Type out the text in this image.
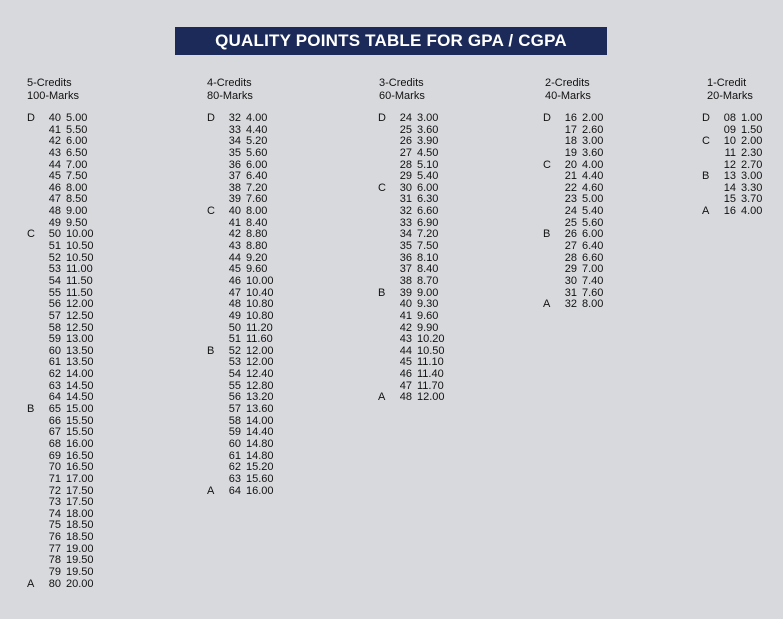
QUALITY POINTS TABLE FOR GPA / CGPA
5-Credits
100-Marks
D	40 5.00
41 5.50
42 6.00
43 6.50
44 7.00
45 7.50
46 8.00
47 8.50
48 9.00
49 9.50
C	50 10.00
51 10.50
52 10.50
53 11.00
54 11.50
55 11.50
56 12.00
57 12.50
58 12.50
59 13.00
60 13.50
61 13.50
62 14.00
63 14.50
64 14.50
B	65 15.00
66 15.50
67 15.50
68 16.00
69 16.50
70 16.50
71 17.00
72 17.50
73 17.50
74 18.00
75 18.50
76 18.50
77 19.00
78 19.50
79 19.50
A	80 20.00
4-Credits
80-Marks
D	32 4.00
33 4.40
34 5.20
35 5.60
36 6.00
37 6.40
38 7.20
39 7.60
C	40 8.00
41 8.40
42 8.80
43 8.80
44 9.20
45 9.60
46 10.00
47 10.40
48 10.80
49 10.80
50 11.20
51 11.60
B	52 12.00
53 12.00
54 12.40
55 12.80
56 13.20
57 13.60
58 14.00
59 14.40
60 14.80
61 14.80
62 15.20
63 15.60
A	64 16.00
3-Credits
60-Marks
D	24 3.00
25 3.60
26 3.90
27 4.50
28 5.10
29 5.40
C	30 6.00
31 6.30
32 6.60
33 6.90
34 7.20
35 7.50
36 8.10
37 8.40
38 8.70
B	39 9.00
40 9.30
41 9.60
42 9.90
43 10.20
44 10.50
45 11.10
46 11.40
47 11.70
A	48 12.00
2-Credits
40-Marks
D	16 2.00
17 2.60
18 3.00
19 3.60
C	20 4.00
21 4.40
22 4.60
23 5.00
24 5.40
25 5.60
B	26 6.00
27 6.40
28 6.60
29 7.00
30 7.40
31 7.60
A	32 8.00
1-Credit
20-Marks
D	08 1.00
09 1.50
C	10 2.00
11 2.30
12 2.70
B	13 3.00
14 3.30
15 3.70
A	16 4.00
